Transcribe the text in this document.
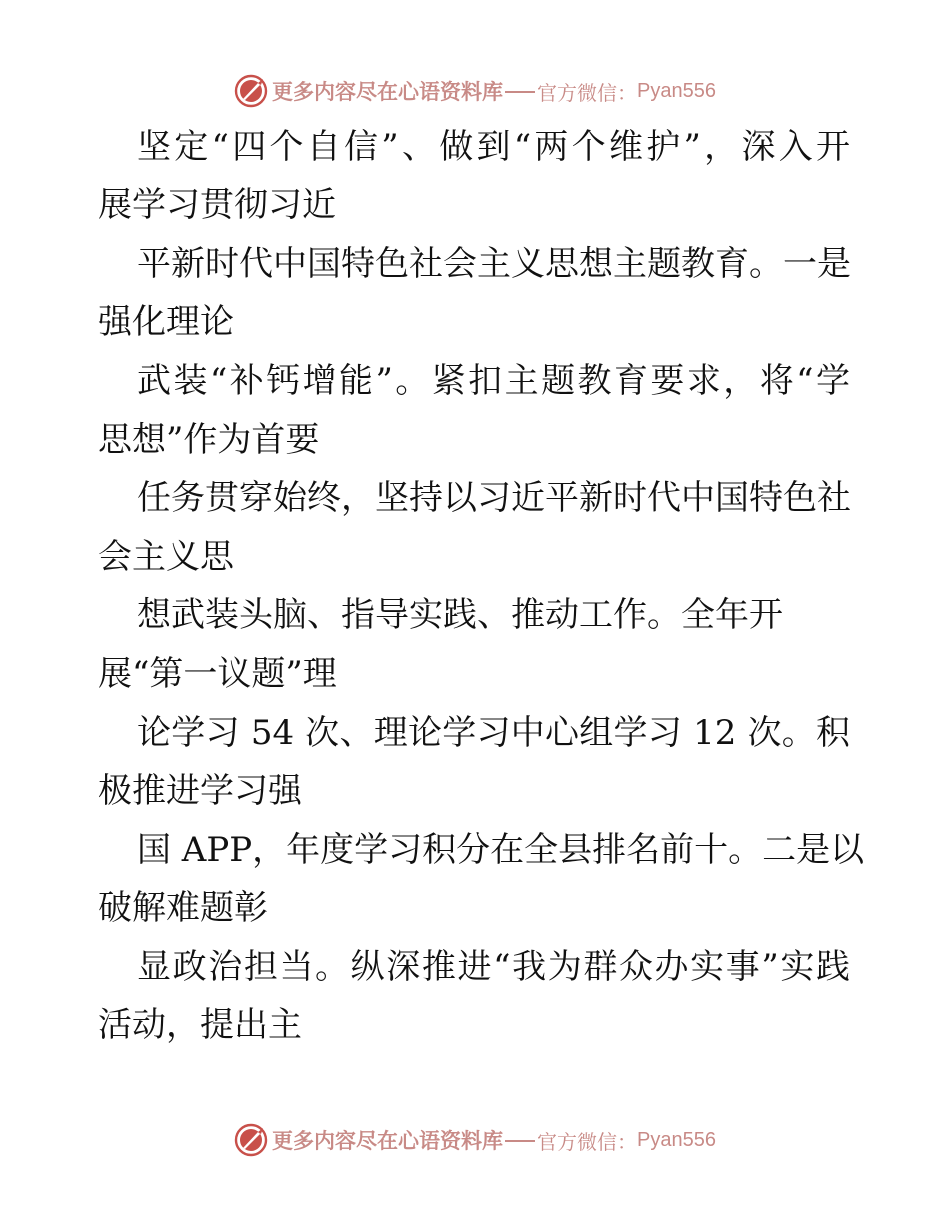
更多内容尽在心语资料库 官方微信： Pyan556
坚定“四个自信”、做到“两个维护”，深入开
展学习贯彻习近
平新时代中国特色社会主义思想主题教育。一是
强化理论
武装“补钙增能”。紧扣主题教育要求，将“学
思想”作为首要
任务贯穿始终，坚持以习近平新时代中国特色社
会主义思
想武装头脑、指导实践、推动工作。全年开
展“第一议题”理
论学习 54 次、理论学习中心组学习 12 次。积
极推进学习强
国 APP，年度学习积分在全县排名前十。二是以
破解难题彰
显政治担当。纵深推进“我为群众办实事”实践
活动，提出主
更多内容尽在心语资料库 官方微信： Pyan556
